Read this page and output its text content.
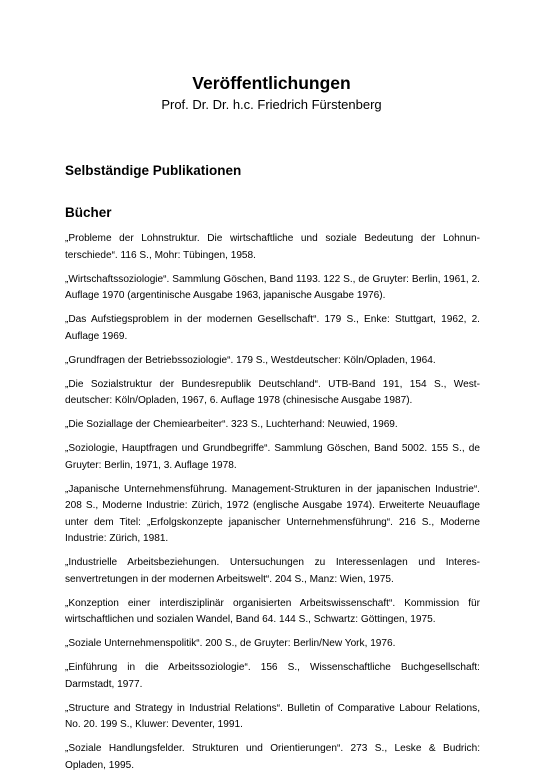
Veröffentlichungen
Prof. Dr. Dr. h.c. Friedrich Fürstenberg
Selbständige Publikationen
Bücher

„Probleme der Lohnstruktur. Die wirtschaftliche und soziale Bedeutung der Lohnunterschiede“. 116 S., Mohr: Tübingen, 1958.

„Wirtschaftssoziologie“. Sammlung Göschen, Band 1193. 122 S., de Gruyter: Berlin, 1961, 2. Auflage 1970 (argentinische Ausgabe 1963, japanische Ausgabe 1976).

„Das Aufstiegsproblem in der modernen Gesellschaft“. 179 S., Enke: Stuttgart, 1962, 2. Auflage 1969.

„Grundfragen der Betriebssoziologie“. 179 S., Westdeutscher: Köln/Opladen, 1964.

„Die Sozialstruktur der Bundesrepublik Deutschland“. UTB-Band 191, 154 S., Westdeutscher: Köln/Opladen, 1967, 6. Auflage 1978 (chinesische Ausgabe 1987).

„Die Soziallage der Chemiearbeiter“. 323 S., Luchterhand: Neuwied, 1969.

„Soziologie, Hauptfragen und Grundbegriffe“. Sammlung Göschen, Band 5002. 155 S., de Gruyter: Berlin, 1971, 3. Auflage 1978.

„Japanische Unternehmensführung. Management-Strukturen in der japanischen Industrie“. 208 S., Moderne Industrie: Zürich, 1972 (englische Ausgabe 1974). Erweiterte Neuauflage unter dem Titel: „Erfolgskonzepte japanischer Unternehmensführung“. 216 S., Moderne Industrie: Zürich, 1981.

„Industrielle Arbeitsbeziehungen. Untersuchungen zu Interessenlagen und Interessenvertretungen in der modernen Arbeitswelt“. 204 S., Manz: Wien, 1975.

„Konzeption einer interdisziplinär organisierten Arbeitswissenschaft“. Kommission für wirtschaftlichen und sozialen Wandel, Band 64. 144 S., Schwartz: Göttingen, 1975.

„Soziale Unternehmenspolitik“. 200 S., de Gruyter: Berlin/New York, 1976.

„Einführung in die Arbeitssoziologie“. 156 S., Wissenschaftliche Buchgesellschaft: Darmstadt, 1977.

„Structure and Strategy in Industrial Relations“. Bulletin of Comparative Labour Relations, No. 20. 199 S., Kluwer: Deventer, 1991.

„Soziale Handlungsfelder. Strukturen und Orientierungen“. 273 S., Leske & Budrich: Opladen, 1995.
